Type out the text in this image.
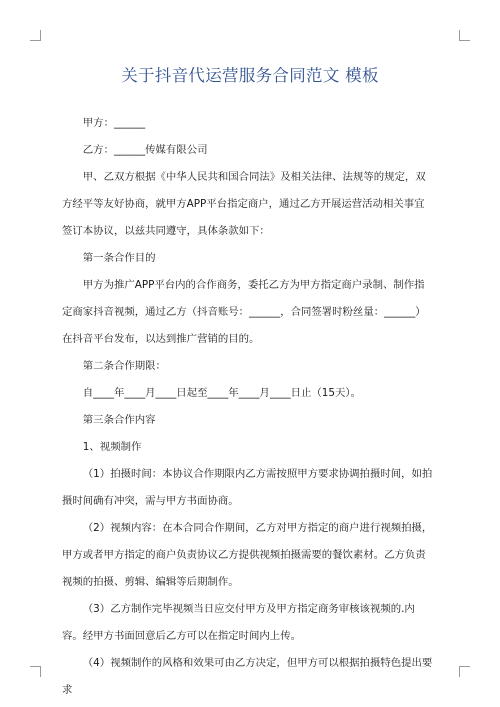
关于抖音代运营服务合同范文 模板

甲方：______

乙方：______传媒有限公司

甲、乙双方根据《中华人民共和国合同法》及相关法律、法规等的规定，双方经平等友好协商，就甲方APP平台指定商户，通过乙方开展运营活动相关事宜签订本协议，以兹共同遵守，具体条款如下：

第一条合作目的

甲方为推广APP平台内的合作商务，委托乙方为甲方指定商户录制、制作指定商家抖音视频，通过乙方（抖音账号：______，合同签署时粉丝量：______）在抖音平台发布，以达到推广营销的目的。

第二条合作期限：

自____年____月____日起至____年____月____日止（15天）。

第三条合作内容

1、视频制作

（1）拍摄时间：本协议合作期限内乙方需按照甲方要求协调拍摄时间，如拍摄时间确有冲突，需与甲方书面协商。

（2）视频内容：在本合同合作期间，乙方对甲方指定的商户进行视频拍摄，甲方或者甲方指定的商户负责协议乙方提供视频拍摄需要的餐饮素材。乙方负责视频的拍摄、剪辑、编辑等后期制作。

（3）乙方制作完毕视频当日应交付甲方及甲方指定商务审核该视频的.内容。经甲方书面回意后乙方可以在指定时间内上传。

（4）视频制作的风格和效果可由乙方决定，但甲方可以根据拍摄特色提出要求
